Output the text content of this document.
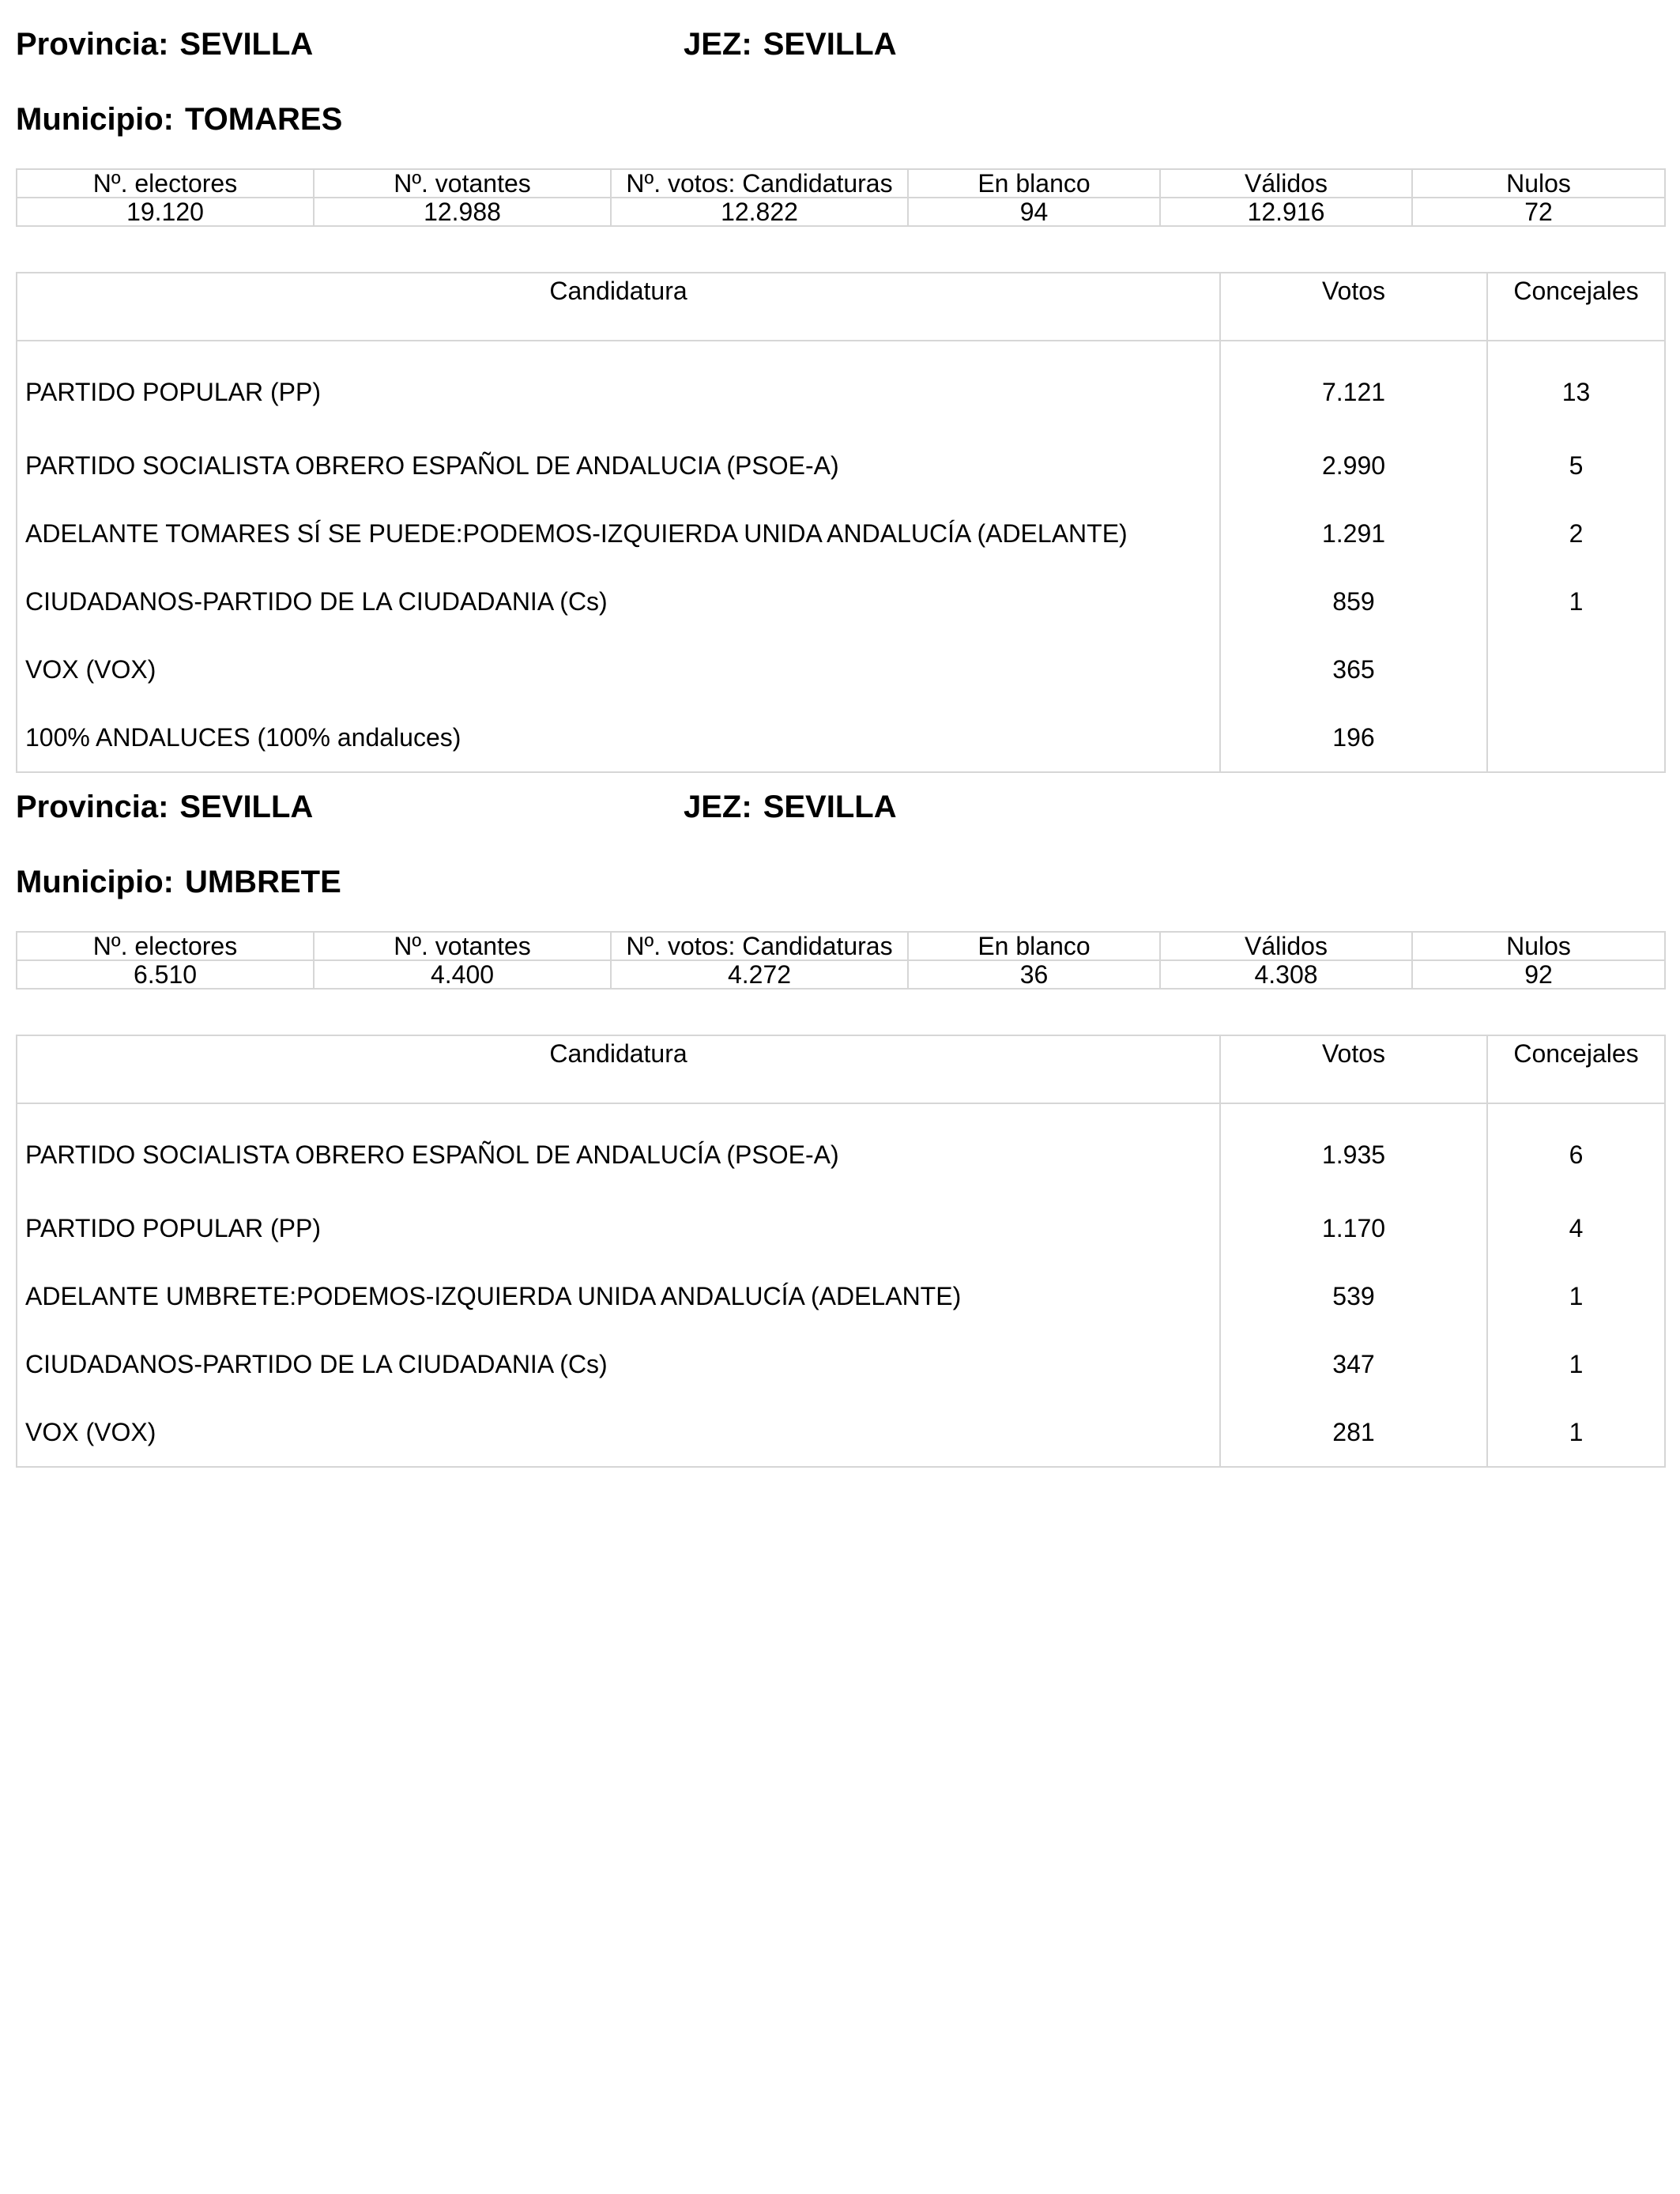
Provincia: SEVILLA	JEZ: SEVILLA
Municipio: TOMARES
Nº. electores	Nº. votantes	Nº. votos: Candidaturas	En blanco	Válidos	Nulos
19.120	12.988	12.822	94	12.916	72
Candidatura	Votos	Concejales
PARTIDO POPULAR (PP)	7.121	13
PARTIDO SOCIALISTA OBRERO ESPAÑOL DE ANDALUCIA (PSOE-A)	2.990	5
ADELANTE TOMARES SÍ SE PUEDE:PODEMOS-IZQUIERDA UNIDA ANDALUCÍA (ADELANTE)	1.291	2
CIUDADANOS-PARTIDO DE LA CIUDADANIA (Cs)	859	1
VOX (VOX)	365	
100% ANDALUCES (100% andaluces)	196	
Provincia: SEVILLA	JEZ: SEVILLA
Municipio: UMBRETE
Nº. electores	Nº. votantes	Nº. votos: Candidaturas	En blanco	Válidos	Nulos
6.510	4.400	4.272	36	4.308	92
Candidatura	Votos	Concejales
PARTIDO SOCIALISTA OBRERO ESPAÑOL DE ANDALUCÍA (PSOE-A)	1.935	6
PARTIDO POPULAR (PP)	1.170	4
ADELANTE UMBRETE:PODEMOS-IZQUIERDA UNIDA ANDALUCÍA (ADELANTE)	539	1
CIUDADANOS-PARTIDO DE LA CIUDADANIA (Cs)	347	1
VOX (VOX)	281	1
